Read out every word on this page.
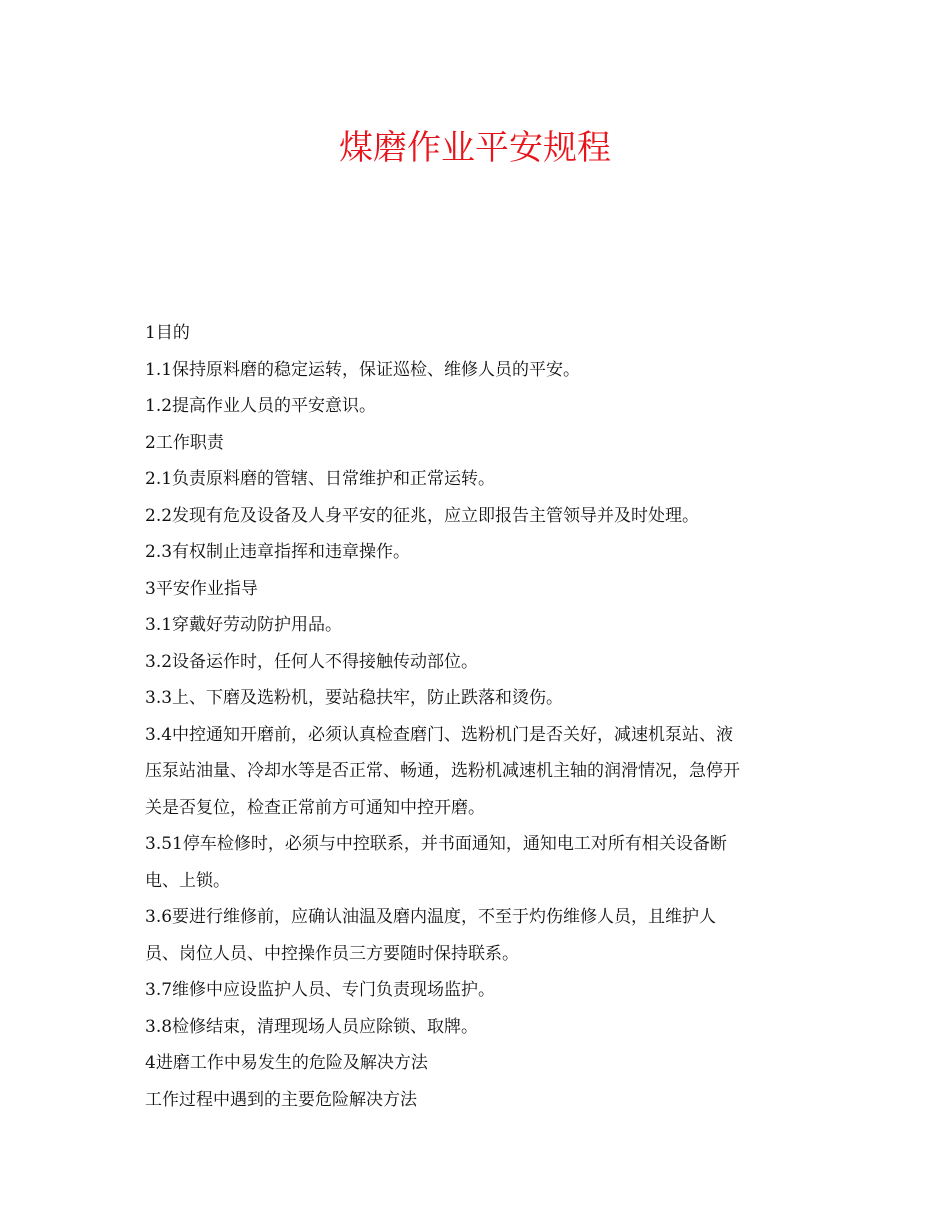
煤磨作业平安规程

1目的

1.1保持原料磨的稳定运转，保证巡检、维修人员的平安。

1.2提高作业人员的平安意识。

2工作职责

2.1负责原料磨的管辖、日常维护和正常运转。

2.2发现有危及设备及人身平安的征兆，应立即报告主管领导并及时处理。

2.3有权制止违章指挥和违章操作。

3平安作业指导

3.1穿戴好劳动防护用品。

3.2设备运作时，任何人不得接触传动部位。

3.3上、下磨及选粉机，要站稳扶牢，防止跌落和烫伤。

3.4中控通知开磨前，必须认真检查磨门、选粉机门是否关好，减速机泵站、液

压泵站油量、冷却水等是否正常、畅通，选粉机减速机主轴的润滑情况，急停开

关是否复位，检查正常前方可通知中控开磨。

3.51停车检修时，必须与中控联系，并书面通知，通知电工对所有相关设备断

电、上锁。

3.6要进行维修前，应确认油温及磨内温度，不至于灼伤维修人员，且维护人

员、岗位人员、中控操作员三方要随时保持联系。

3.7维修中应设监护人员、专门负责现场监护。

3.8检修结束，清理现场人员应除锁、取牌。

4进磨工作中易发生的危险及解决方法

工作过程中遇到的主要危险解决方法
